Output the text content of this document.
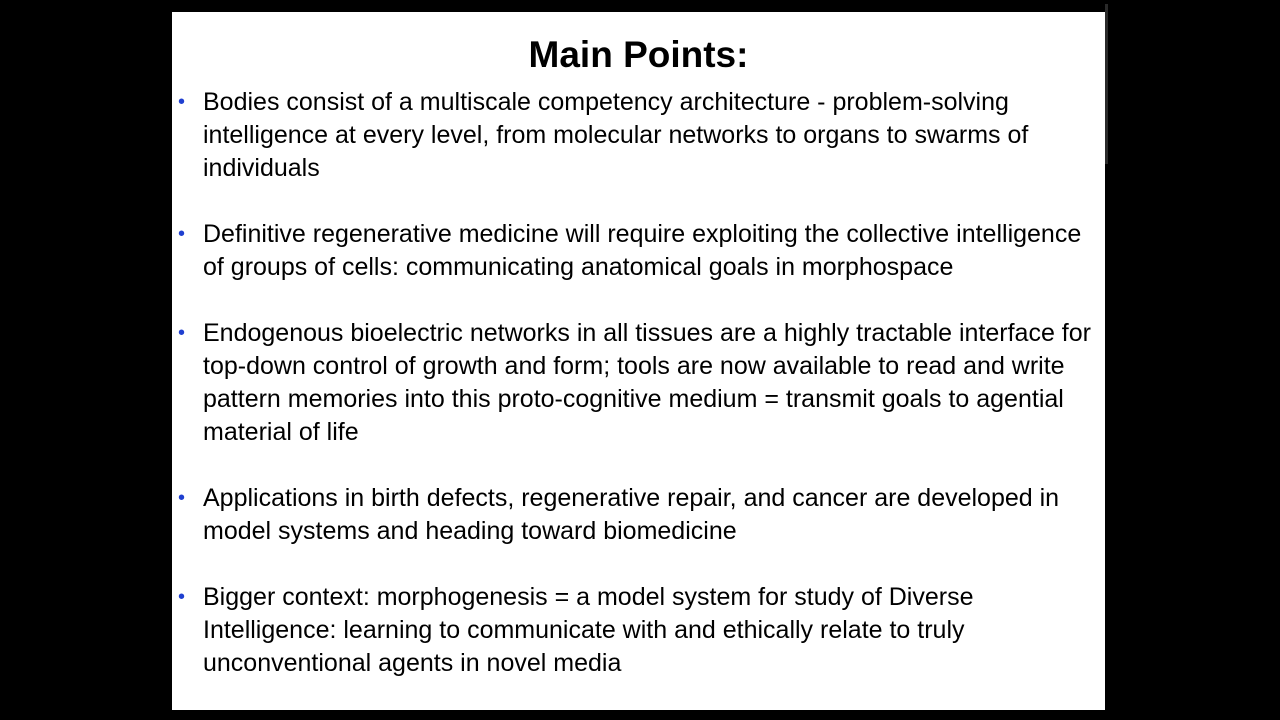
Main Points:
• Bodies consist of a multiscale competency architecture - problem-solving intelligence at every level, from molecular networks to organs to swarms of individuals
• Definitive regenerative medicine will require exploiting the collective intelligence of groups of cells: communicating anatomical goals in morphospace
• Endogenous bioelectric networks in all tissues are a highly tractable interface for top-down control of growth and form; tools are now available to read and write pattern memories into this proto-cognitive medium = transmit goals to agential material of life
• Applications in birth defects, regenerative repair, and cancer are developed in model systems and heading toward biomedicine
• Bigger context: morphogenesis = a model system for study of Diverse Intelligence: learning to communicate with and ethically relate to truly unconventional agents in novel media
